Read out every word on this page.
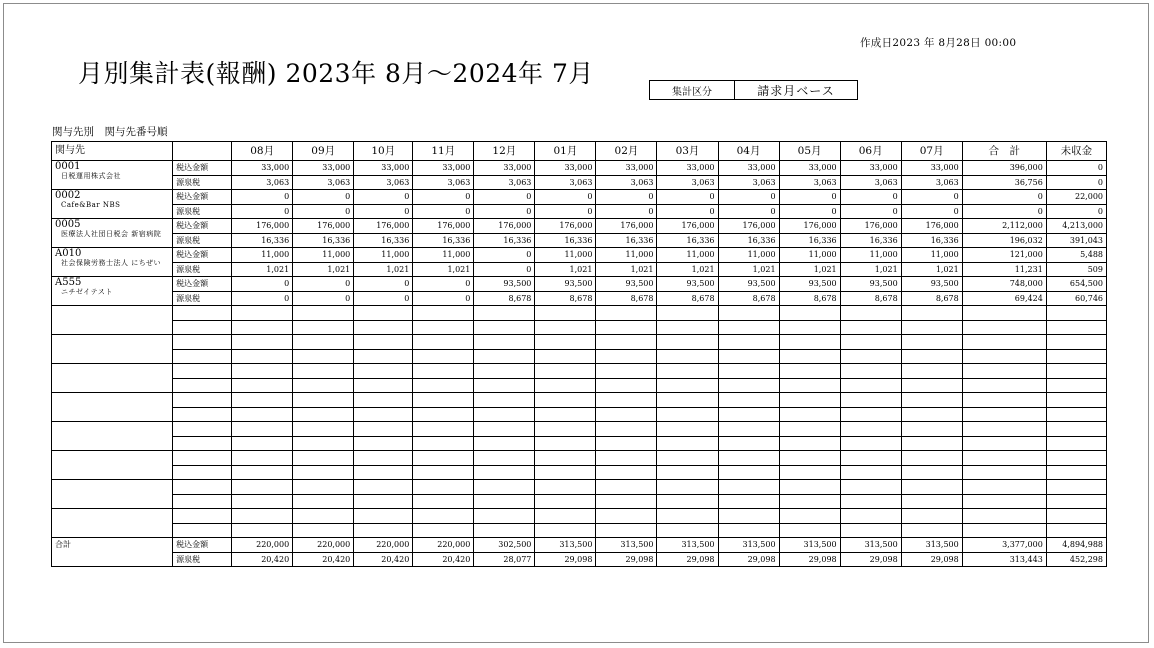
作成日2023 年 8月28日 00:00
月別集計表(報酬) 2023年 8月～2024年 7月
集計区分	請求月ベース
関与先別　関与先番号順
関与先		08月	09月	10月	11月	12月	01月	02月	03月	04月	05月	06月	07月	合　計	未収金

0001
日税運用株式会社	税込金額	33,000	33,000	33,000	33,000	33,000	33,000	33,000	33,000	33,000	33,000	33,000	33,000	396,000	0
	源泉税	3,063	3,063	3,063	3,063	3,063	3,063	3,063	3,063	3,063	3,063	3,063	3,063	36,756	0

0002
Cafe&Bar NBS	税込金額	0	0	0	0	0	0	0	0	0	0	0	0	0	22,000
	源泉税	0	0	0	0	0	0	0	0	0	0	0	0	0	0

0005
医療法人社団日税会 新宿病院	税込金額	176,000	176,000	176,000	176,000	176,000	176,000	176,000	176,000	176,000	176,000	176,000	176,000	2,112,000	4,213,000
	源泉税	16,336	16,336	16,336	16,336	16,336	16,336	16,336	16,336	16,336	16,336	16,336	16,336	196,032	391,043

A010
社会保険労務士法人 にちぜい	税込金額	11,000	11,000	11,000	11,000	0	11,000	11,000	11,000	11,000	11,000	11,000	11,000	121,000	5,488
	源泉税	1,021	1,021	1,021	1,021	0	1,021	1,021	1,021	1,021	1,021	1,021	1,021	11,231	509

A555
ニチゼイテスト	税込金額	0	0	0	0	93,500	93,500	93,500	93,500	93,500	93,500	93,500	93,500	748,000	654,500
	源泉税	0	0	0	0	8,678	8,678	8,678	8,678	8,678	8,678	8,678	8,678	69,424	60,746

合計	税込金額	220,000	220,000	220,000	220,000	302,500	313,500	313,500	313,500	313,500	313,500	313,500	313,500	3,377,000	4,894,988
	源泉税	20,420	20,420	20,420	20,420	28,077	29,098	29,098	29,098	29,098	29,098	29,098	29,098	313,443	452,298
